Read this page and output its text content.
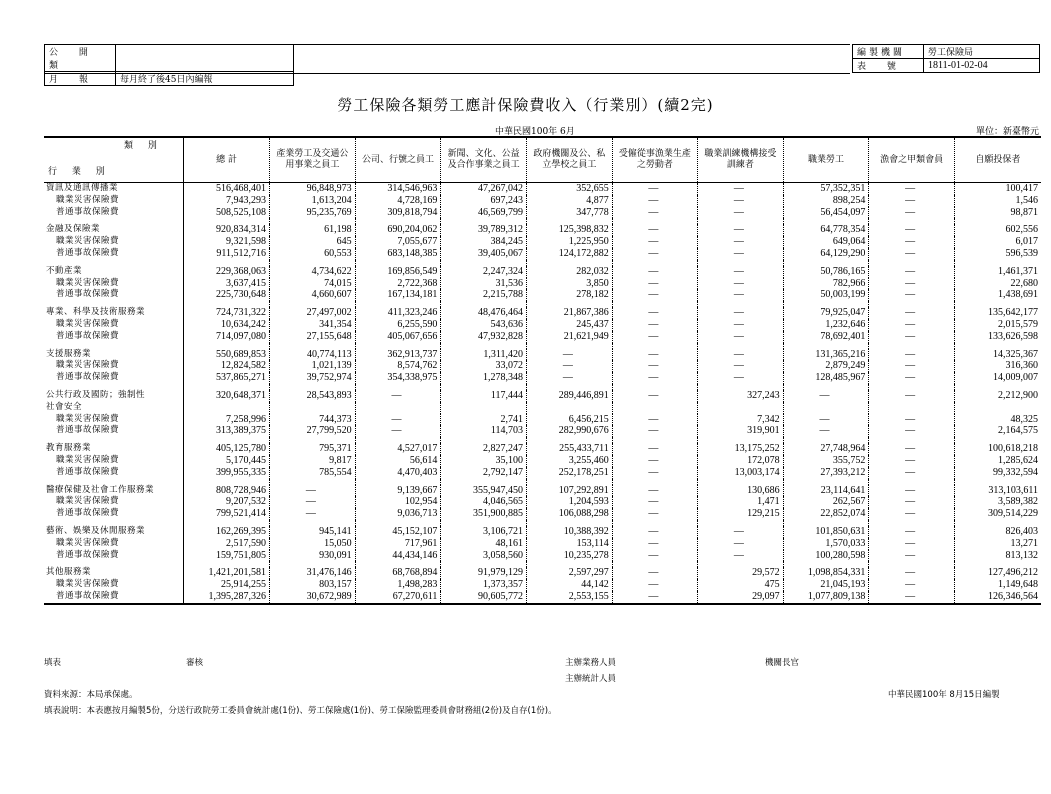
公 開 類	
月 報	每月終了後45日內編報
編製機關	勞工保險局
表 號	1811-01-02-04
勞工保險各類勞工應計保險費收入（行業別）(續2完)
中華民國100年 6月	單位：新臺幣元
類 別
行 業 別	總 計	產業勞工及交通公用事業之員工	公司、行號之員工	新聞、文化、公益及合作事業之員工	政府機關及公、私立學校之員工	受僱從事漁業生產之勞動者	職業訓練機構接受訓練者	職業勞工	漁會之甲類會員	自願投保者
資訊及通訊傳播業	516,468,401	96,848,973	314,546,963	47,267,042	352,655	—	—	57,352,351	—	100,417
職業災害保險費	7,943,293	1,613,204	4,728,169	697,243	4,877	—	—	898,254	—	1,546
普通事故保險費	508,525,108	95,235,769	309,818,794	46,569,799	347,778	—	—	56,454,097	—	98,871

金融及保險業	920,834,314	61,198	690,204,062	39,789,312	125,398,832	—	—	64,778,354	—	602,556
職業災害保險費	9,321,598	645	7,055,677	384,245	1,225,950	—	—	649,064	—	6,017
普通事故保險費	911,512,716	60,553	683,148,385	39,405,067	124,172,882	—	—	64,129,290	—	596,539

不動產業	229,368,063	4,734,622	169,856,549	2,247,324	282,032	—	—	50,786,165	—	1,461,371
職業災害保險費	3,637,415	74,015	2,722,368	31,536	3,850	—	—	782,966	—	22,680
普通事故保險費	225,730,648	4,660,607	167,134,181	2,215,788	278,182	—	—	50,003,199	—	1,438,691

專業、科學及技術服務業	724,731,322	27,497,002	411,323,246	48,476,464	21,867,386	—	—	79,925,047	—	135,642,177
職業災害保險費	10,634,242	341,354	6,255,590	543,636	245,437	—	—	1,232,646	—	2,015,579
普通事故保險費	714,097,080	27,155,648	405,067,656	47,932,828	21,621,949	—	—	78,692,401	—	133,626,598

支援服務業	550,689,853	40,774,113	362,913,737	1,311,420	—	—	—	131,365,216	—	14,325,367
職業災害保險費	12,824,582	1,021,139	8,574,762	33,072	—	—	—	2,879,249	—	316,360
普通事故保險費	537,865,271	39,752,974	354,338,975	1,278,348	—	—	—	128,485,967	—	14,009,007

公共行政及國防；強制性	320,648,371	28,543,893	—	117,444	289,446,891	—	327,243	—	—	2,212,900
社會安全										
職業災害保險費	7,258,996	744,373	—	2,741	6,456,215	—	7,342	—	—	48,325
普通事故保險費	313,389,375	27,799,520	—	114,703	282,990,676	—	319,901	—	—	2,164,575

教育服務業	405,125,780	795,371	4,527,017	2,827,247	255,433,711	—	13,175,252	27,748,964	—	100,618,218
職業災害保險費	5,170,445	9,817	56,614	35,100	3,255,460	—	172,078	355,752	—	1,285,624
普通事故保險費	399,955,335	785,554	4,470,403	2,792,147	252,178,251	—	13,003,174	27,393,212	—	99,332,594

醫療保健及社會工作服務業	808,728,946	—	9,139,667	355,947,450	107,292,891	—	130,686	23,114,641	—	313,103,611
職業災害保險費	9,207,532	—	102,954	4,046,565	1,204,593	—	1,471	262,567	—	3,589,382
普通事故保險費	799,521,414	—	9,036,713	351,900,885	106,088,298	—	129,215	22,852,074	—	309,514,229

藝術、娛樂及休閒服務業	162,269,395	945,141	45,152,107	3,106,721	10,388,392	—	—	101,850,631	—	826,403
職業災害保險費	2,517,590	15,050	717,961	48,161	153,114	—	—	1,570,033	—	13,271
普通事故保險費	159,751,805	930,091	44,434,146	3,058,560	10,235,278	—	—	100,280,598	—	813,132

其他服務業	1,421,201,581	31,476,146	68,768,894	91,979,129	2,597,297	—	29,572	1,098,854,331	—	127,496,212
職業災害保險費	25,914,255	803,157	1,498,283	1,373,357	44,142	—	475	21,045,193	—	1,149,648
普通事故保險費	1,395,287,326	30,672,989	67,270,611	90,605,772	2,553,155	—	29,097	1,077,809,138	—	126,346,564
填表	審核	主辦業務人員	機關長官
主辦統計人員
資料來源：本局承保處。
填表說明：本表應按月編製5份，分送行政院勞工委員會統計處(1份)、勞工保險處(1份)、勞工保險監理委員會財務組(2份)及自存(1份)。
中華民國100年 8月15日編製
